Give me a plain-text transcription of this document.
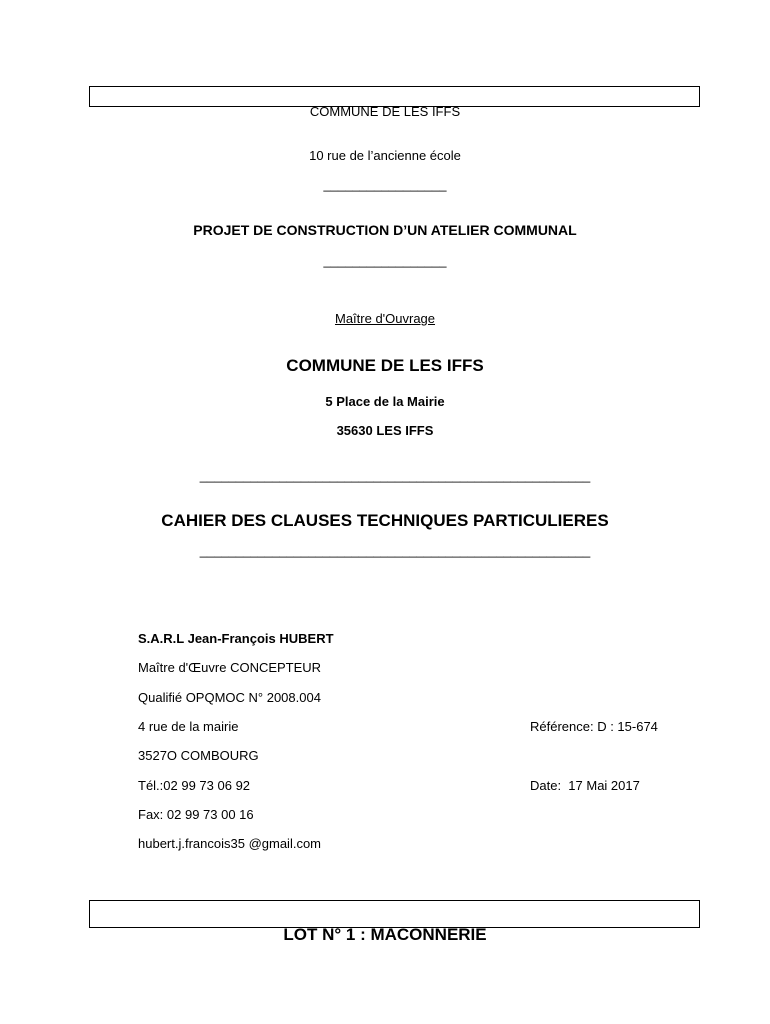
COMMUNE DE LES IFFS
10 rue de l’ancienne école
_________________
PROJET DE CONSTRUCTION D’UN ATELIER COMMUNAL
_________________
Maître d'Ouvrage
COMMUNE DE LES IFFS
5 Place de la Mairie
35630 LES IFFS
______________________________________________________
CAHIER DES CLAUSES TECHNIQUES PARTICULIERES
______________________________________________________
S.A.R.L Jean-François HUBERT
Maître d'Œuvre CONCEPTEUR
Qualifié OPQMOC N° 2008.004
4 rue de la mairie
3527O COMBOURG
Tél.:02 99 73 06 92
Fax: 02 99 73 00 16
hubert.j.francois35 @gmail.com
Référence: D : 15-674
Date:  17 Mai 2017
LOT N° 1 : MACONNERIE
